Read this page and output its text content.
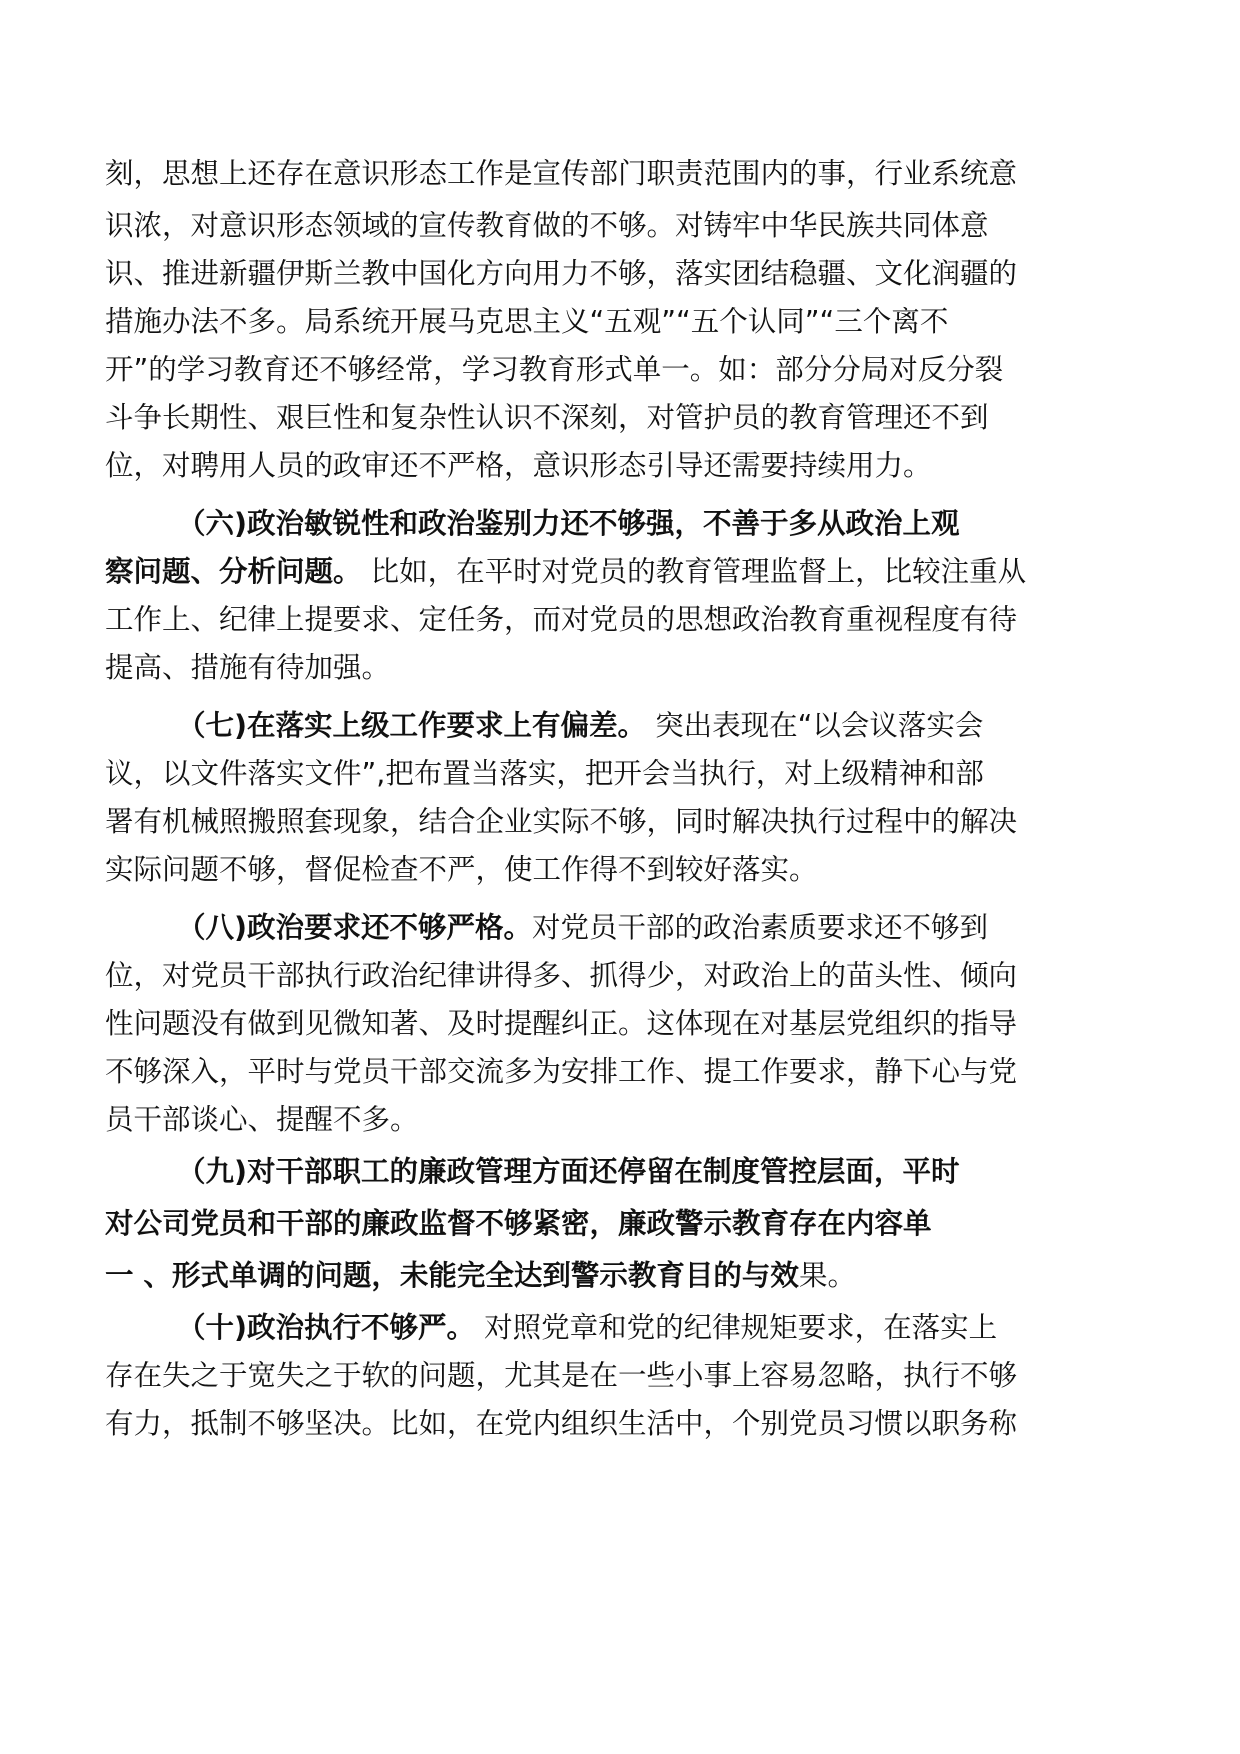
刻，思想上还存在意识形态工作是宣传部门职责范围内的事，行业系统意
识浓，对意识形态领域的宣传教育做的不够。对铸牢中华民族共同体意
识、推进新疆伊斯兰教中国化方向用力不够，落实团结稳疆、文化润疆的
措施办法不多。局系统开展马克思主义“五观”“五个认同”“三个离不
开”的学习教育还不够经常，学习教育形式单一。如：部分分局对反分裂
斗争长期性、艰巨性和复杂性认识不深刻，对管护员的教育管理还不到
位，对聘用人员的政审还不严格，意识形态引导还需要持续用力。
（六)政治敏锐性和政治鉴别力还不够强，不善于多从政治上观
察问题、分析问题。 比如，在平时对党员的教育管理监督上，比较注重从
工作上、纪律上提要求、定任务，而对党员的思想政治教育重视程度有待
提高、措施有待加强。
（七)在落实上级工作要求上有偏差。 突出表现在“以会议落实会
议，以文件落实文件”,把布置当落实，把开会当执行，对上级精神和部
署有机械照搬照套现象，结合企业实际不够，同时解决执行过程中的解决
实际问题不够，督促检查不严，使工作得不到较好落实。
（八)政治要求还不够严格。对党员干部的政治素质要求还不够到
位，对党员干部执行政治纪律讲得多、抓得少，对政治上的苗头性、倾向
性问题没有做到见微知著、及时提醒纠正。这体现在对基层党组织的指导
不够深入，平时与党员干部交流多为安排工作、提工作要求，静下心与党
员干部谈心、提醒不多。
（九)对干部职工的廉政管理方面还停留在制度管控层面，平时
对公司党员和干部的廉政监督不够紧密，廉政警示教育存在内容单
一 、形式单调的问题，未能完全达到警示教育目的与效果。
（十)政治执行不够严。 对照党章和党的纪律规矩要求，在落实上
存在失之于宽失之于软的问题，尤其是在一些小事上容易忽略，执行不够
有力，抵制不够坚决。比如，在党内组织生活中，个别党员习惯以职务称
